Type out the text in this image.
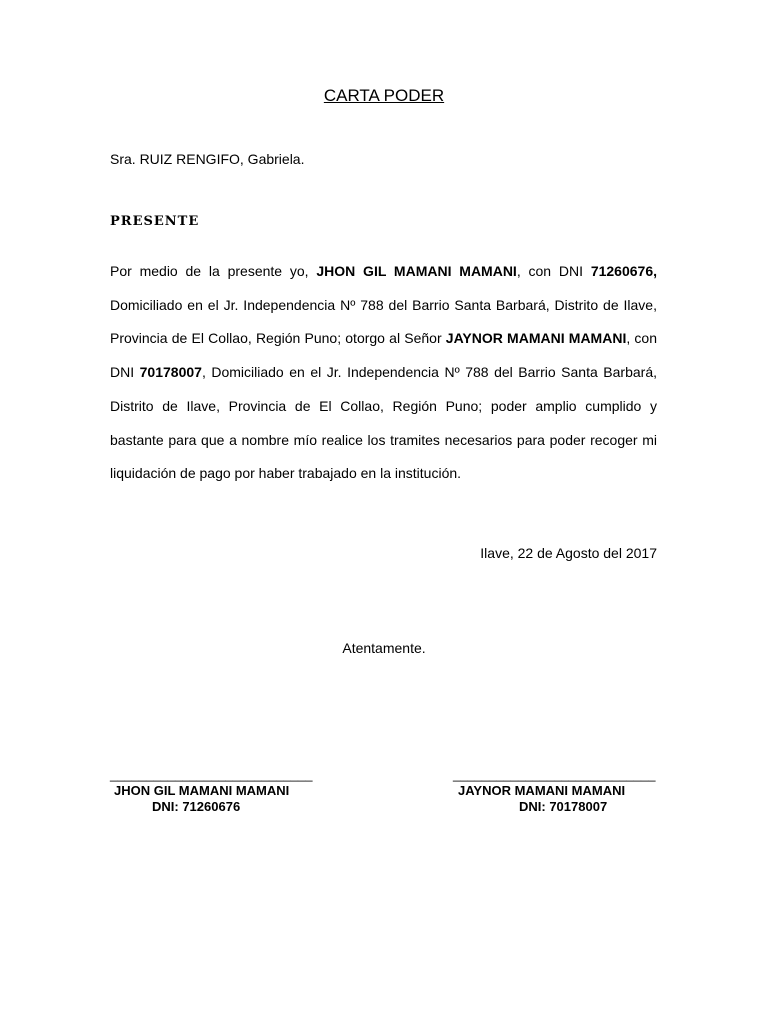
CARTA PODER
Sra. RUIZ RENGIFO, Gabriela.
PRESENTE
Por medio de la presente yo, JHON GIL MAMANI MAMANI, con DNI 71260676, Domiciliado en el Jr. Independencia Nº 788 del Barrio Santa Barbará, Distrito de Ilave, Provincia de El Collao, Región Puno; otorgo al Señor JAYNOR MAMANI MAMANI, con DNI 70178007, Domiciliado en el Jr. Independencia Nº 788 del Barrio Santa Barbará, Distrito de Ilave, Provincia de El Collao, Región Puno; poder amplio cumplido y bastante para que a nombre mío realice los tramites necesarios para poder recoger mi liquidación de pago por haber trabajado en la institución.
Ilave, 22 de Agosto del 2017
Atentamente.
____________________________
JHON GIL MAMANI MAMANI
DNI: 71260676
____________________________
JAYNOR MAMANI MAMANI
DNI: 70178007
